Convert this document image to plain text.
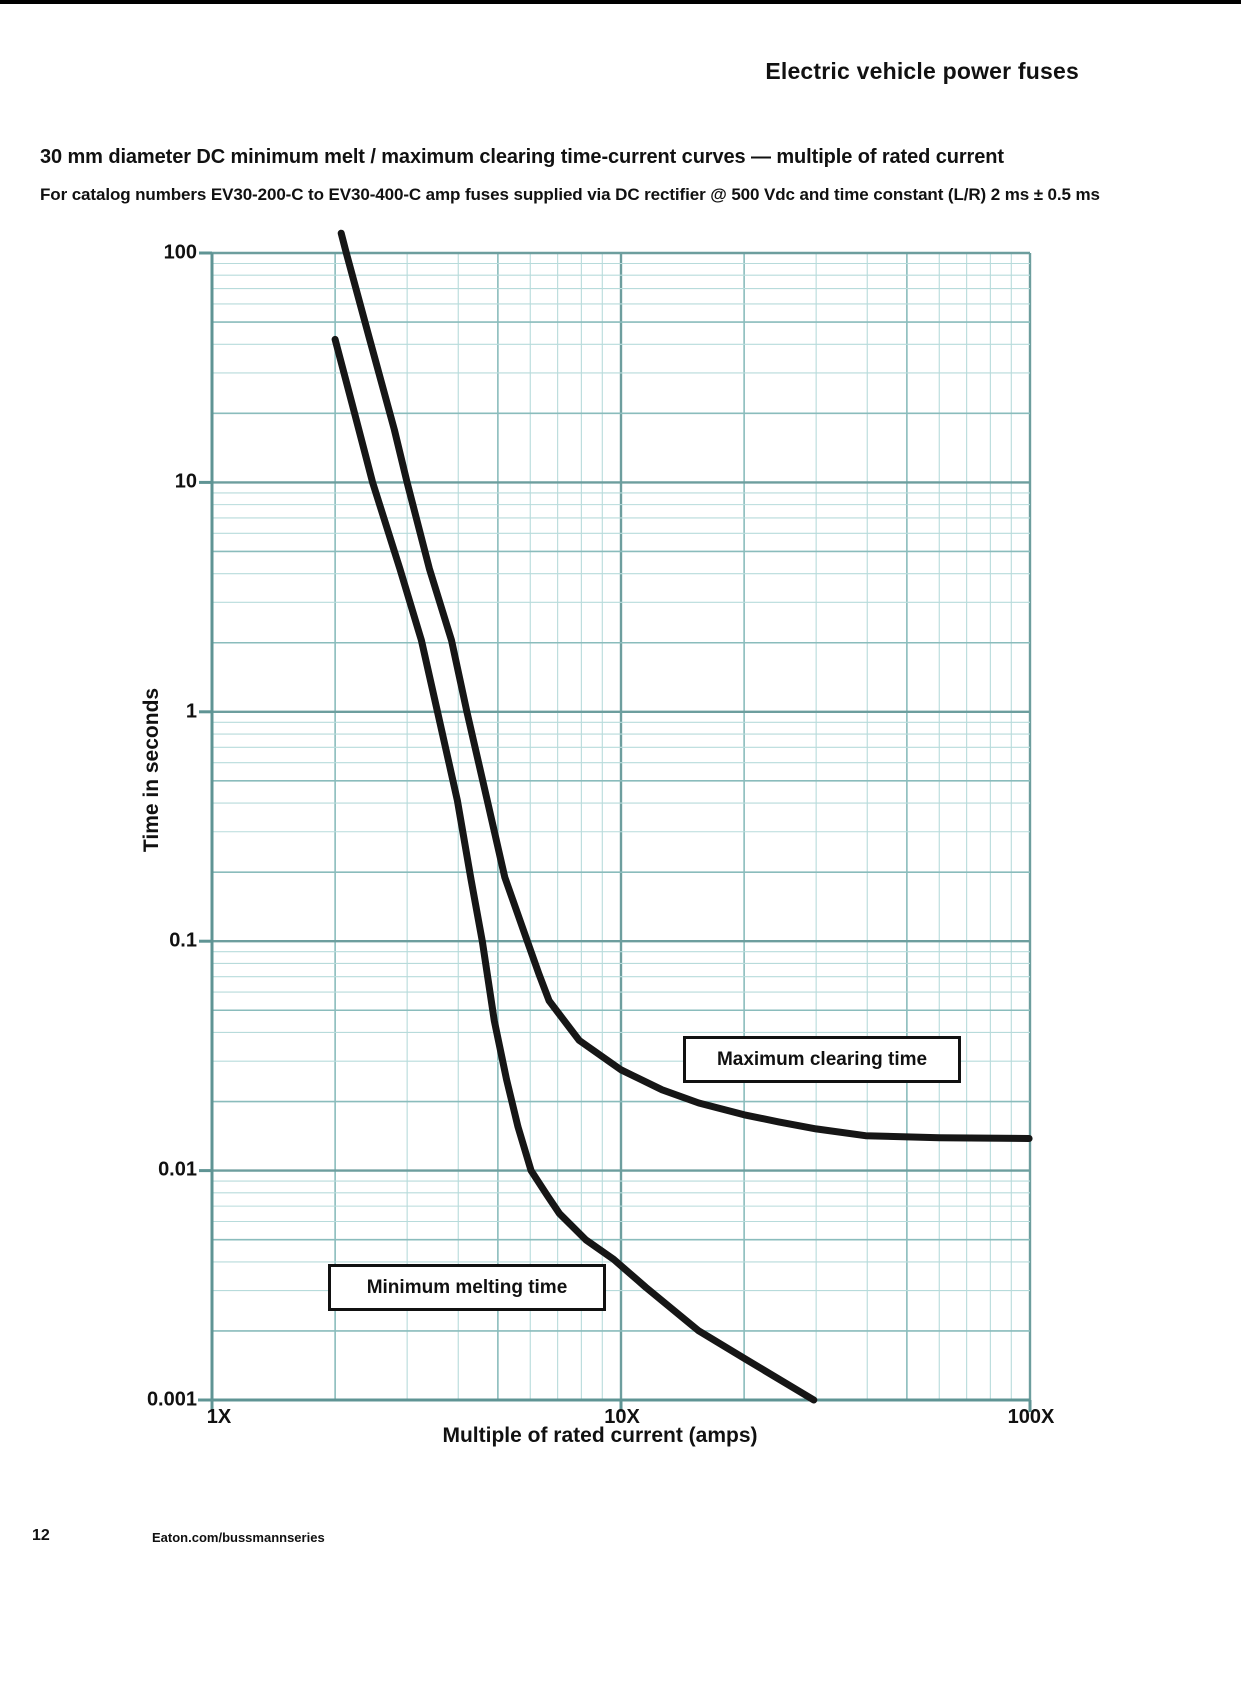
Electric vehicle power fuses
30 mm diameter DC minimum melt / maximum clearing time-current curves — multiple of rated current
For catalog numbers EV30-200-C to EV30-400-C amp fuses supplied via DC rectifier @ 500 Vdc and time constant (L/R) 2 ms ± 0.5 ms
100
10
1
0.1
0.01
0.001
1X	10X	100X
Time in seconds
Multiple of rated current (amps)
Maximum clearing time
Minimum melting time
12	Eaton.com/bussmannseries
